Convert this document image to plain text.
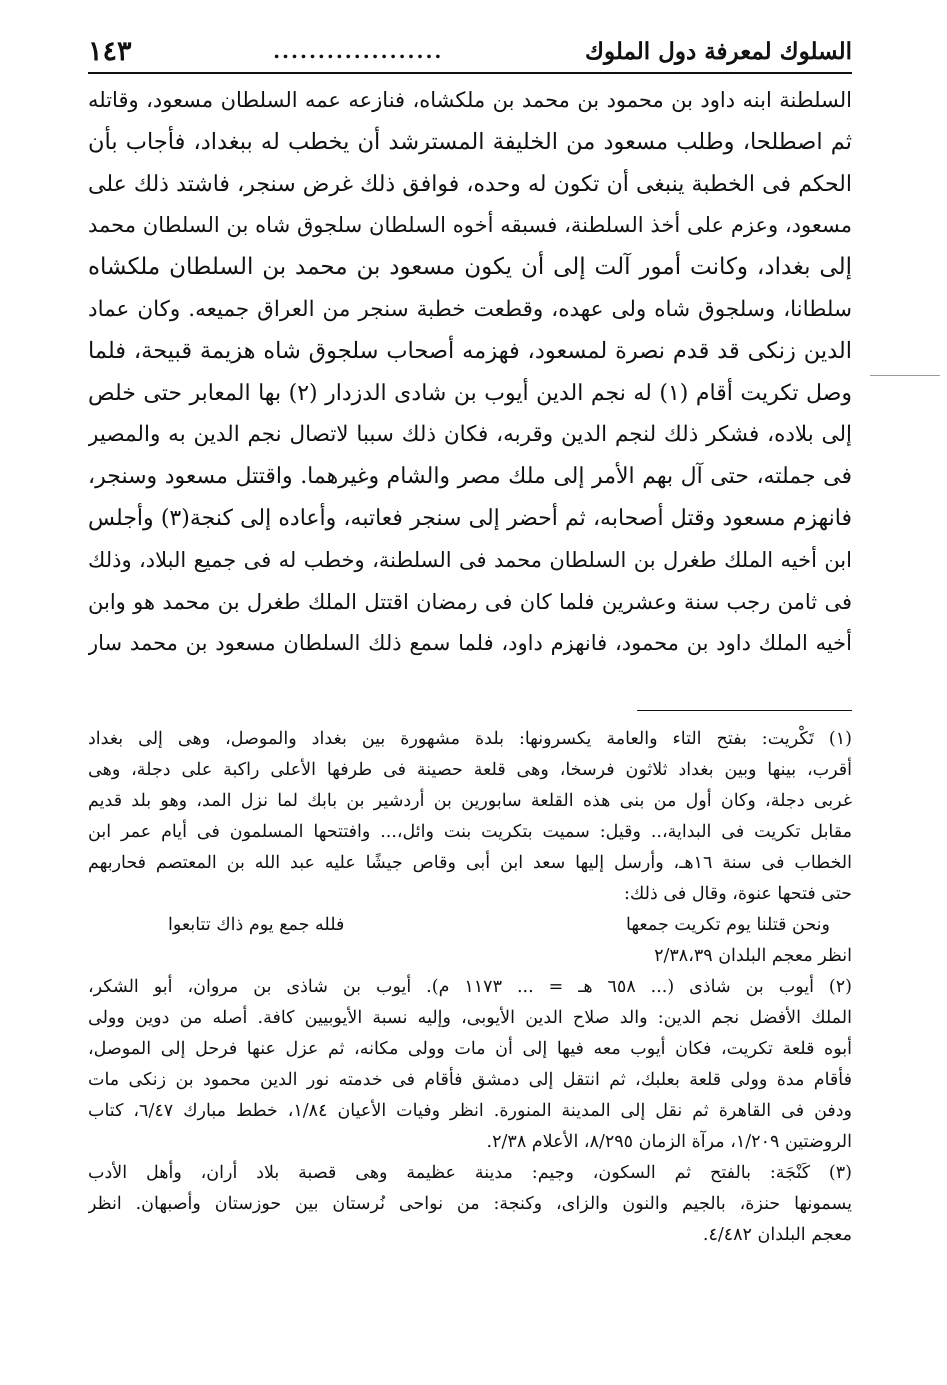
السلوك لمعرفة دول الملوك
...................
١٤٣
السلطنة ابنه داود بن محمود بن محمد بن ملكشاه، فنازعه عمه السلطان مسعود، وقاتله
ثم اصطلحا، وطلب مسعود من الخليفة المسترشد أن يخطب له ببغداد، فأجاب بأن
الحكم فى الخطبة ينبغى أن تكون له وحده، فوافق ذلك غرض سنجر، فاشتد ذلك على
مسعود، وعزم على أخذ السلطنة، فسبقه أخوه السلطان سلجوق شاه بن السلطان محمد
إلى بغداد، وكانت أمور آلت إلى أن يكون مسعود بن محمد بن السلطان ملكشاه
سلطانا، وسلجوق شاه ولى عهده، وقطعت خطبة سنجر من العراق جميعه. وكان عماد
الدين زنكى قد قدم نصرة لمسعود، فهزمه أصحاب سلجوق شاه هزيمة قبيحة، فلما
وصل تكريت أقام (١) له نجم الدين أيوب بن شادى الدزدار (٢) بها المعابر حتى خلص
إلى بلاده، فشكر ذلك لنجم الدين وقربه، فكان ذلك سببا لاتصال نجم الدين به والمصير
فى جملته، حتى آل بهم الأمر إلى ملك مصر والشام وغيرهما. واقتتل مسعود وسنجر،
فانهزم مسعود وقتل أصحابه، ثم أحضر إلى سنجر فعاتبه، وأعاده إلى كنجة(٣) وأجلس
ابن أخيه الملك طغرل بن السلطان محمد فى السلطنة، وخطب له فى جميع البلاد، وذلك
فى ثامن رجب سنة وعشرين فلما كان فى رمضان اقتتل الملك طغرل بن محمد هو وابن
أخيه الملك داود بن محمود، فانهزم داود، فلما سمع ذلك السلطان مسعود بن محمد سار
(١) تَكْريت: بفتح التاء والعامة يكسرونها: بلدة مشهورة بين بغداد والموصل، وهى إلى بغداد
أقرب، بينها وبين بغداد ثلاثون فرسخا، وهى قلعة حصينة فى طرفها الأعلى راكبة على دجلة، وهى
غربى دجلة، وكان أول من بنى هذه القلعة سابورين بن أردشير بن بابك لما نزل المد، وهو بلد قديم
مقابل تكريت فى البداية،.. وقيل: سميت بتكريت بنت وائل،... وافتتحها المسلمون فى أيام عمر ابن
الخطاب فى سنة ١٦هـ، وأرسل إليها سعد ابن أبى وقاص جيشًا عليه عبد الله بن المعتصم فحاربهم
حتى فتحها عنوة، وقال فى ذلك:
ونحن قتلنا يوم تكريت جمعها
فلله جمع يوم ذاك تتابعوا
انظر معجم البلدان ٢/٣٨،٣٩
(٢) أيوب بن شاذى (... ٦٥٨ هـ = ... ١١٧٣ م). أيوب بن شاذى بن مروان، أبو الشكر،
الملك الأفضل نجم الدين: والد صلاح الدين الأيوبى، وإليه نسبة الأيوبيين كافة. أصله من دوين وولى
أبوه قلعة تكريت، فكان أيوب معه فيها إلى أن مات وولى مكانه، ثم عزل عنها فرحل إلى الموصل،
فأقام مدة وولى قلعة بعلبك، ثم انتقل إلى دمشق فأقام فى خدمته نور الدين محمود بن زنكى مات
ودفن فى القاهرة ثم نقل إلى المدينة المنورة. انظر وفيات الأعيان ١/٨٤، خطط مبارك ٦/٤٧، كتاب
الروضتين ١/٢٠٩، مرآة الزمان ٨/٢٩٥، الأعلام ٢/٣٨.
(٣) كَنْجَة: بالفتح ثم السكون، وجيم: مدينة عظيمة وهى قصبة بلاد أران، وأهل الأدب
يسمونها حنزة، بالجيم والنون والزاى، وكنجة: من نواحى نُرستان بين حوزستان وأصبهان. انظر
معجم البلدان ٤/٤٨٢.
